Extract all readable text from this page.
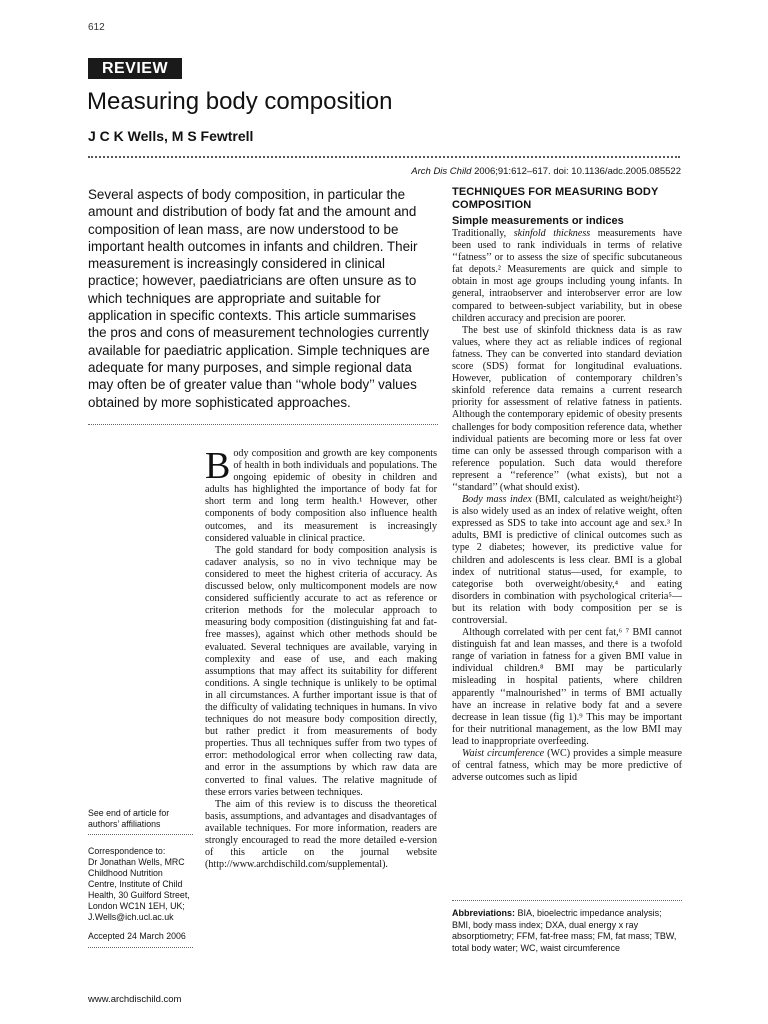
612
REVIEW
Measuring body composition
J C K Wells, M S Fewtrell
Arch Dis Child 2006;91:612–617. doi: 10.1136/adc.2005.085522
Several aspects of body composition, in particular the amount and distribution of body fat and the amount and composition of lean mass, are now understood to be important health outcomes in infants and children. Their measurement is increasingly considered in clinical practice; however, paediatricians are often unsure as to which techniques are appropriate and suitable for application in specific contexts. This article summarises the pros and cons of measurement technologies currently available for paediatric application. Simple techniques are adequate for many purposes, and simple regional data may often be of greater value than ‘‘whole body’’ values obtained by more sophisticated approaches.

Body composition and growth are key components of health in both individuals and populations. The ongoing epidemic of obesity in children and adults has highlighted the importance of body fat for short term and long term health.¹ However, other components of body composition also influence health outcomes, and its measurement is increasingly considered valuable in clinical practice.

The gold standard for body composition analysis is cadaver analysis, so no in vivo technique may be considered to meet the highest criteria of accuracy. As discussed below, only multicomponent models are now considered sufficiently accurate to act as reference or criterion methods for the molecular approach to measuring body composition (distinguishing fat and fat-free masses), against which other methods should be evaluated. Several techniques are available, varying in complexity and ease of use, and each making assumptions that may affect its suitability for different conditions. A single technique is unlikely to be optimal in all circumstances. A further important issue is that of the difficulty of validating techniques in humans. In vivo techniques do not measure body composition directly, but rather predict it from measurements of body properties. Thus all techniques suffer from two types of error: methodological error when collecting raw data, and error in the assumptions by which raw data are converted to final values. The relative magnitude of these errors varies between techniques.

The aim of this review is to discuss the theoretical basis, assumptions, and advantages and disadvantages of available techniques. For more information, readers are strongly encouraged to read the more detailed e-version of this article on the journal website (http://www.archdischild.com/supplemental).

See end of article for authors’ affiliations
Correspondence to:
Dr Jonathan Wells, MRC Childhood Nutrition Centre, Institute of Child Health, 30 Guilford Street, London WC1N 1EH, UK; J.Wells@ich.ucl.ac.uk
Accepted 24 March 2006
TECHNIQUES FOR MEASURING BODY COMPOSITION
Simple measurements or indices

Traditionally, skinfold thickness measurements have been used to rank individuals in terms of relative ‘‘fatness’’ or to assess the size of specific subcutaneous fat depots.² Measurements are quick and simple to obtain in most age groups including young infants. In general, intraobserver and interobserver error are low compared to between-subject variability, but in obese children accuracy and precision are poorer.

The best use of skinfold thickness data is as raw values, where they act as reliable indices of regional fatness. They can be converted into standard deviation score (SDS) format for longitudinal evaluations. However, publication of contemporary children’s skinfold reference data remains a current research priority for assessment of relative fatness in patients. Although the contemporary epidemic of obesity presents challenges for body composition reference data, whether individual patients are becoming more or less fat over time can only be assessed through comparison with a reference population. Such data would therefore represent a ‘‘reference’’ (what exists), but not a ‘‘standard’’ (what should exist).

Body mass index (BMI, calculated as weight/height²) is also widely used as an index of relative weight, often expressed as SDS to take into account age and sex.³ In adults, BMI is predictive of clinical outcomes such as type 2 diabetes; however, its predictive value for children and adolescents is less clear. BMI is a global index of nutritional status—used, for example, to categorise both overweight/obesity,⁴ and eating disorders in combination with psychological criteria⁵—but its relation with body composition per se is controversial.

Although correlated with per cent fat,⁶ ⁷ BMI cannot distinguish fat and lean masses, and there is a twofold range of variation in fatness for a given BMI value in individual children.⁸ BMI may be particularly misleading in hospital patients, where children apparently ‘‘malnourished’’ in terms of BMI actually have an increase in relative body fat and a severe decrease in lean tissue (fig 1).⁹ This may be important for their nutritional management, as the low BMI may lead to inappropriate overfeeding.

Waist circumference (WC) provides a simple measure of central fatness, which may be more predictive of adverse outcomes such as lipid

Abbreviations: BIA, bioelectric impedance analysis; BMI, body mass index; DXA, dual energy x ray absorptiometry; FFM, fat-free mass; FM, fat mass; TBW, total body water; WC, waist circumference
www.archdischild.com
